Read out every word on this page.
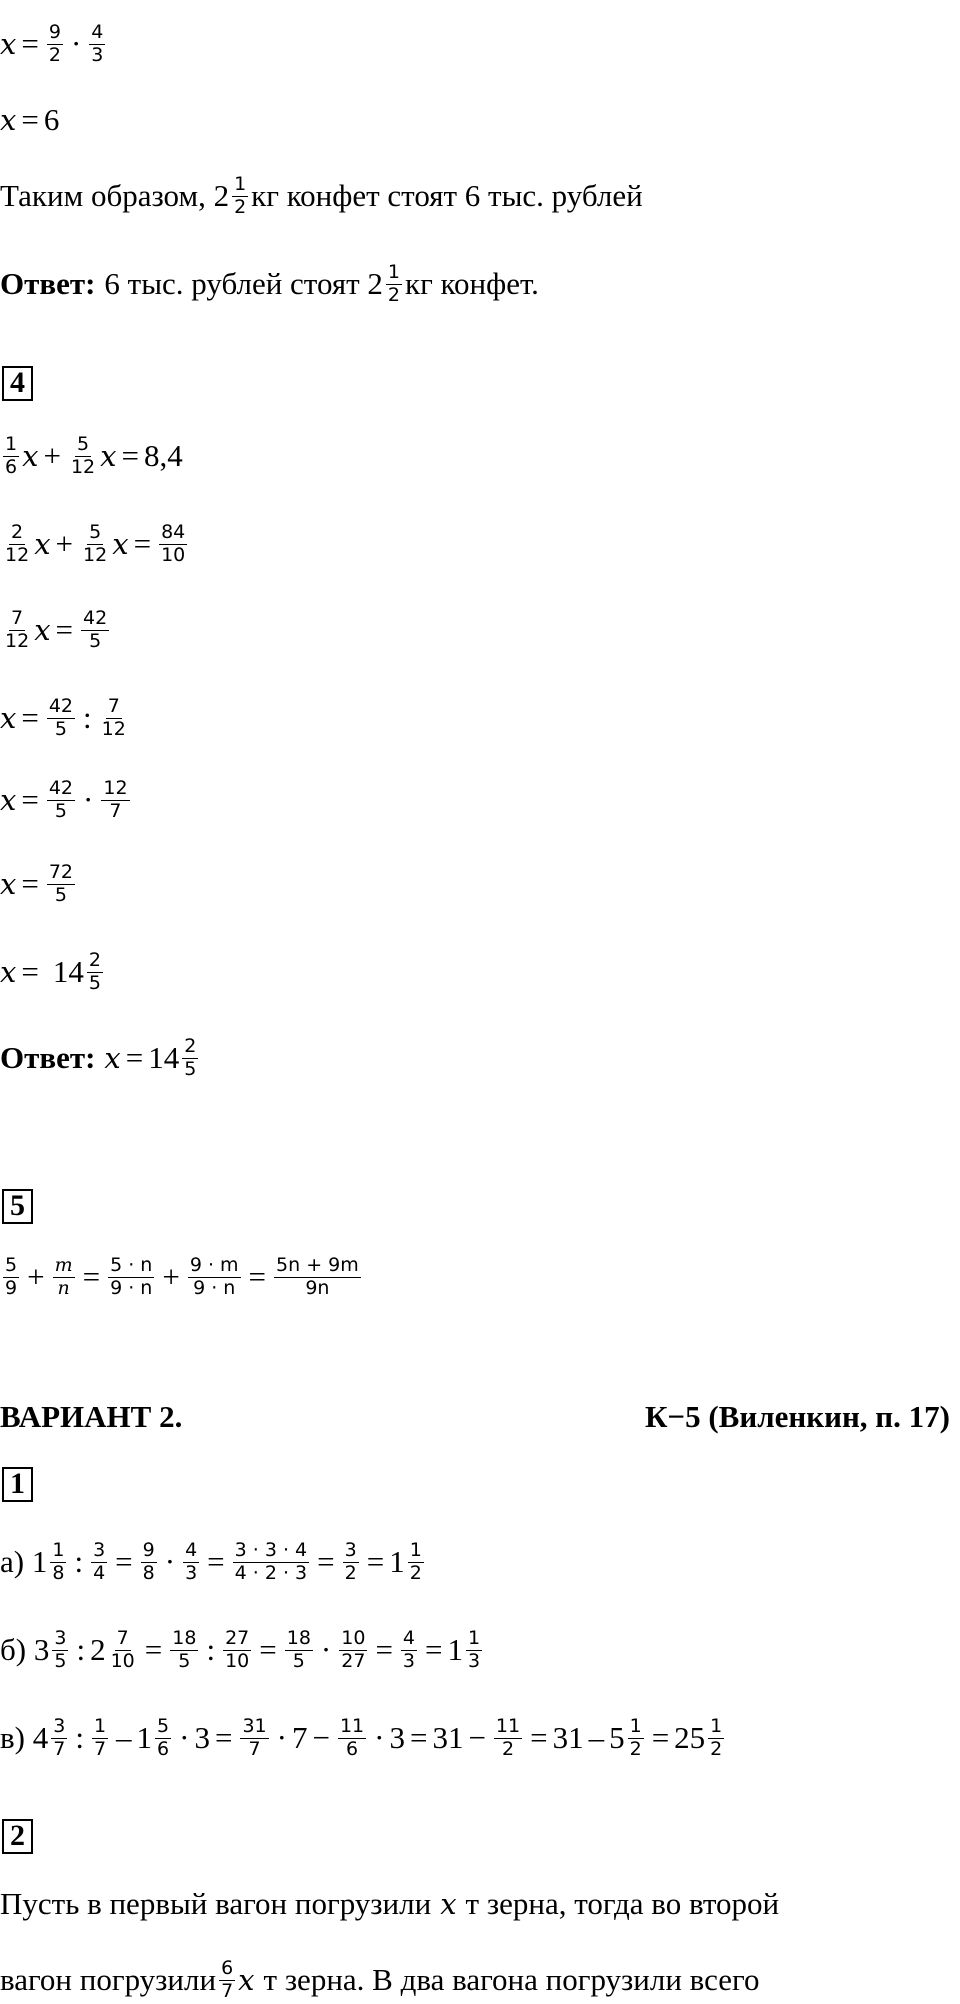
$x = \frac{9}{2} \cdot \frac{4}{3}$
x = 6
Таким образом, $2 \frac{1}{2}$ кг конфет стоят 6 тыс. рублей
Ответ: 6 тыс. рублей стоят $2 \frac{1}{2}$ кг конфет.
4
$\frac{1}{6}$ $x + \frac{5}{12}$ x = 8,4
$\frac{2}{12}$ $x + \frac{5}{12}$ $x = \frac{84}{10}$
$\frac{7}{12}$ $x = \frac{42}{5}$
$x = \frac{42}{5}$ : $\frac{7}{12}$
$x = \frac{42}{5} \cdot \frac{12}{7}$
$x = \frac{72}{5}$
$x = 14 \frac{2}{5}$
Ответ: $x = 14 \frac{2}{5}$
5
$\frac{5}{9} + \frac{m}{n} = \frac{5 \cdot n}{9 \cdot n} + \frac{9 \cdot m}{9 \cdot n} = \frac{5n + 9m}{9n}$
ВАРИАНТ 2.	К−5 (Виленкин, п. 17)
1
а) $1 \frac{1}{8}$ : $\frac{3}{4} = \frac{9}{8} \cdot \frac{4}{3} = \frac{3 \cdot 3 \cdot 4}{4 \cdot 2 \cdot 3} = \frac{3}{2} = 1 \frac{1}{2}$
б) $3 \frac{3}{5}$ : $2 \frac{7}{10} = \frac{18}{5}$ : $\frac{27}{10} = \frac{18}{5} \cdot \frac{10}{27} = \frac{4}{3} = 1 \frac{1}{3}$
в) $4 \frac{3}{7}$ : $\frac{1}{7} - 1 \frac{5}{6} \cdot 3 = \frac{31}{7} \cdot 7 - \frac{11}{6} \cdot 3 = 31 - \frac{11}{2} = 31 - 5 \frac{1}{2} = 25 \frac{1}{2}$
2
Пусть в первый вагон погрузили x т зерна, тогда во второй
вагон погрузили $\frac{6}{7}$ x т зерна. В два вагона погрузили всего
